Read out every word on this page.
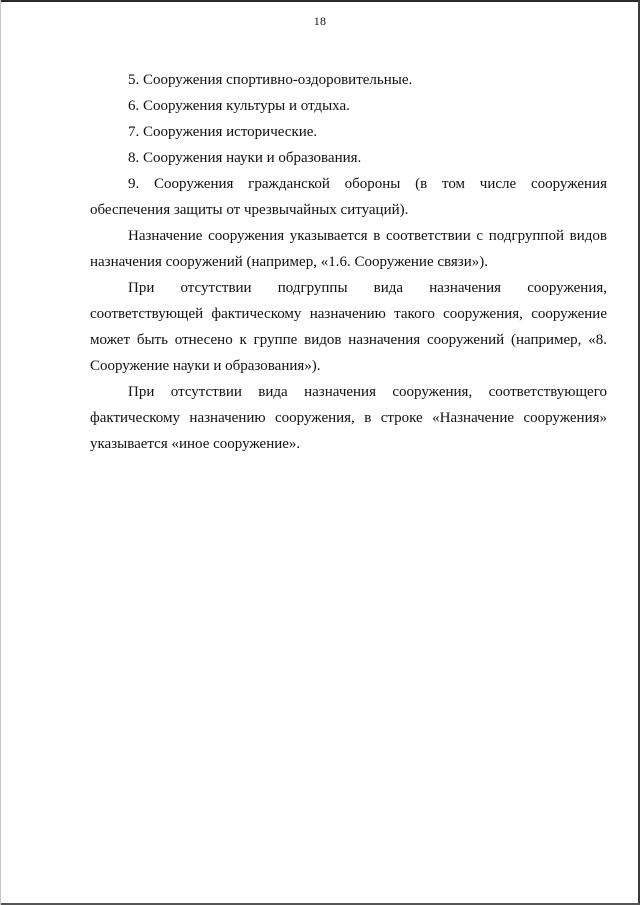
18
5. Сооружения спортивно-оздоровительные.
6. Сооружения культуры и отдыха.
7. Сооружения исторические.
8. Сооружения науки и образования.

9. Сооружения гражданской обороны (в том числе сооружения обеспечения защиты от чрезвычайных ситуаций).

Назначение сооружения указывается в соответствии с подгруппой видов назначения сооружений (например, «1.6. Сооружение связи»).

При отсутствии подгруппы вида назначения сооружения, соответствующей фактическому назначению такого сооружения, сооружение может быть отнесено к группе видов назначения сооружений (например, «8. Сооружение науки и образования»).

При отсутствии вида назначения сооружения, соответствующего фактическому назначению сооружения, в строке «Назначение сооружения» указывается «иное сооружение».
